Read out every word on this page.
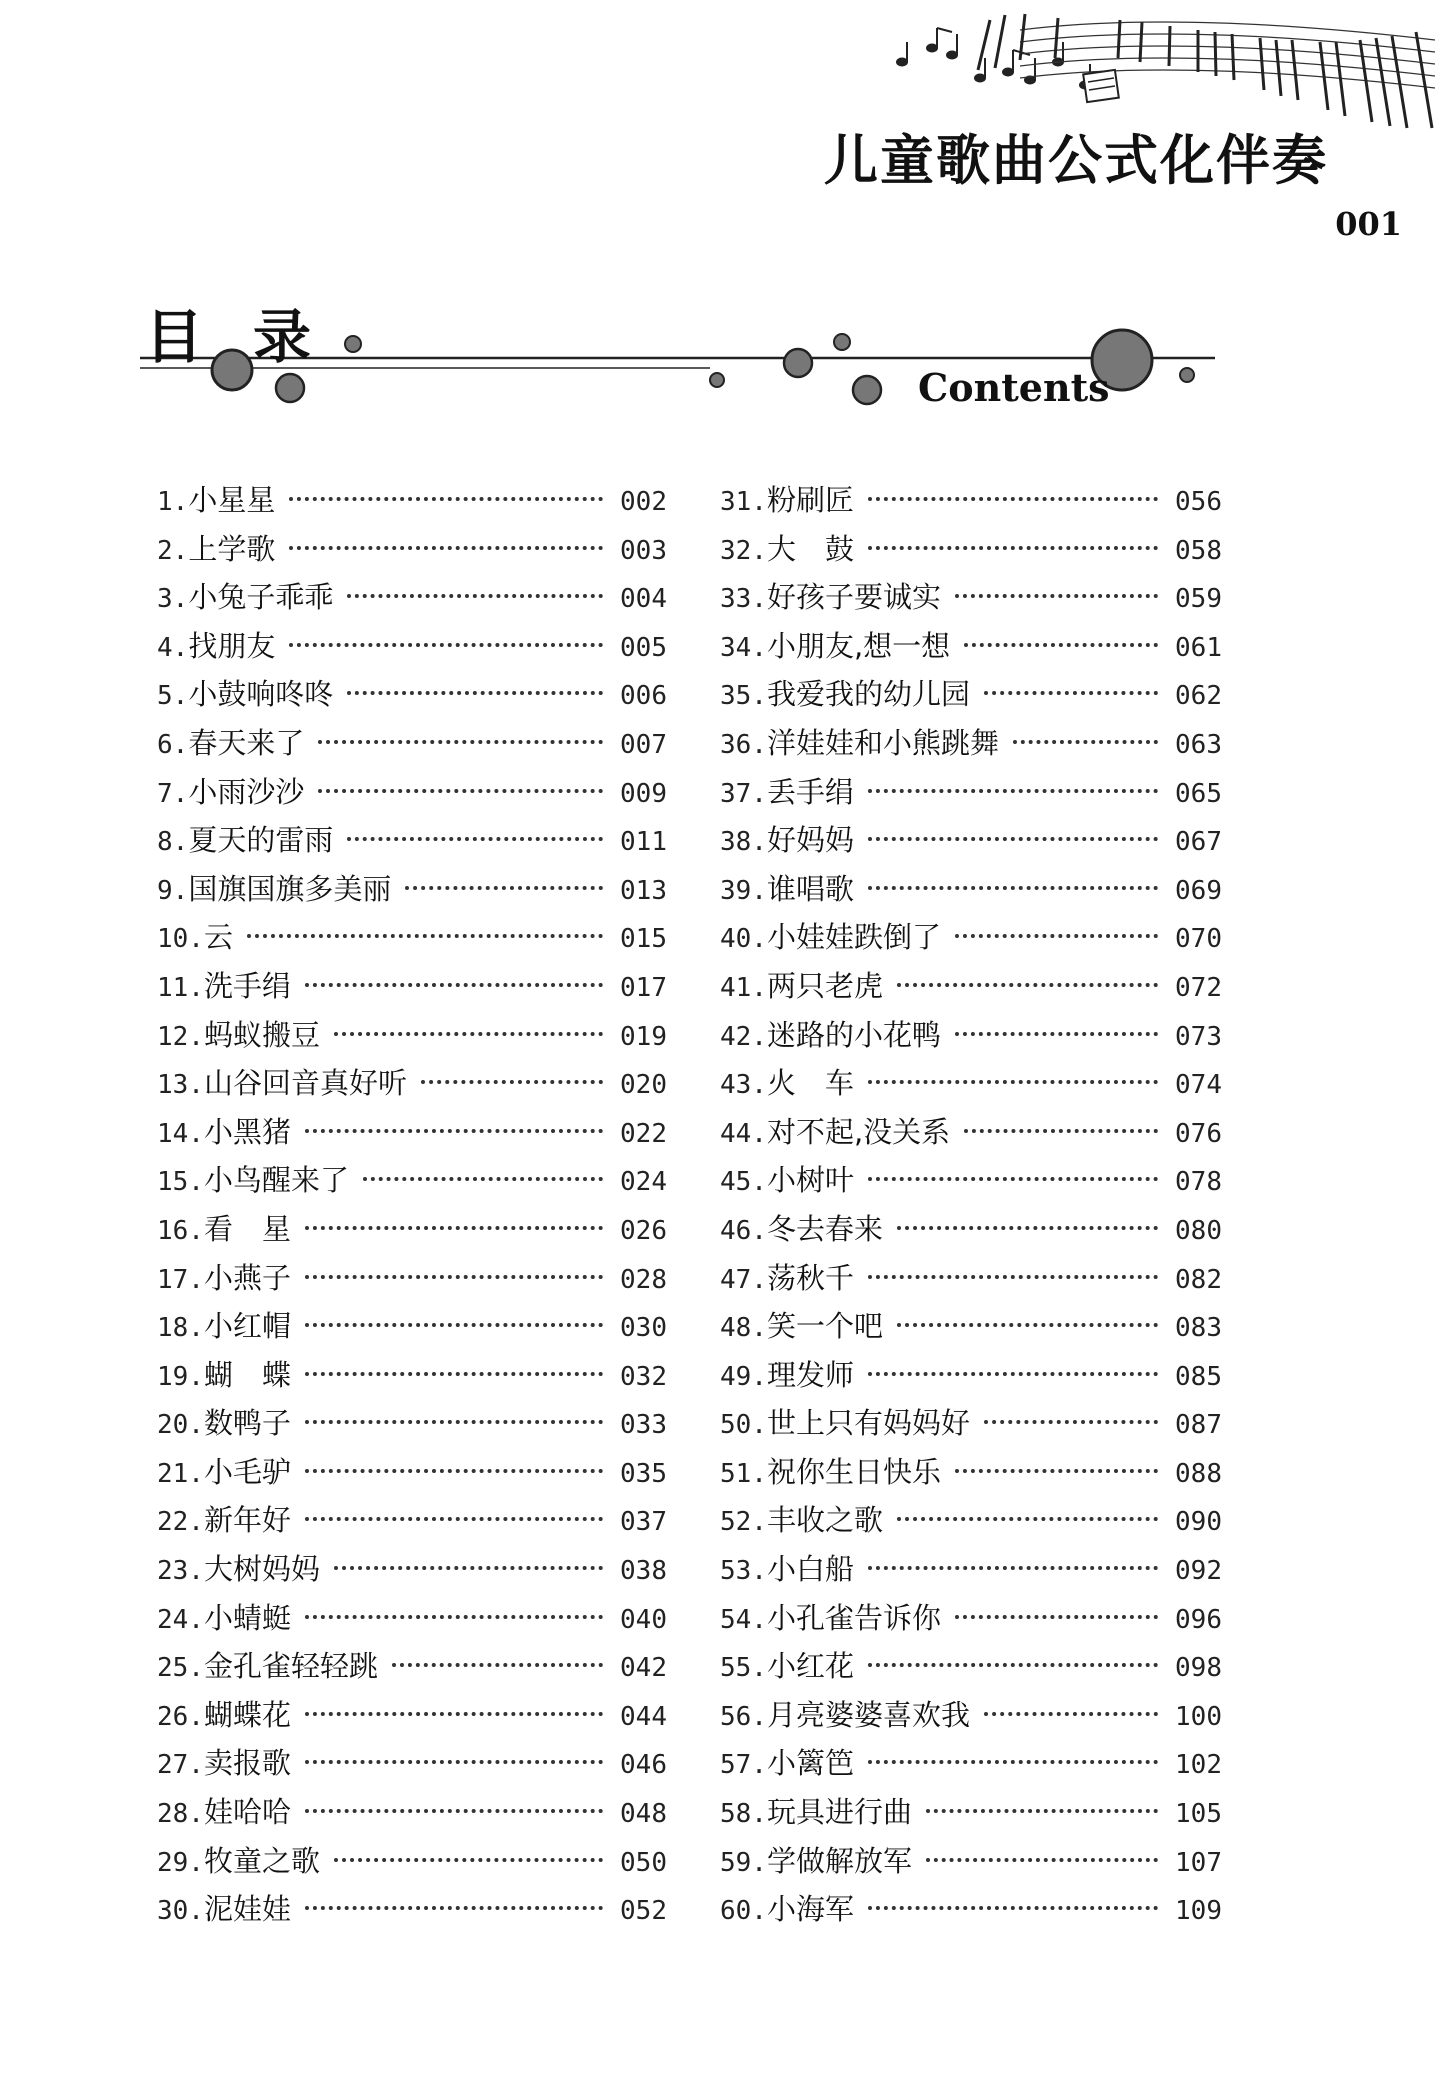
儿童歌曲公式化伴奏
001
目录
Contents
1. 小星星	002
2. 上学歌	003
3. 小兔子乖乖	004
4. 找朋友	005
5. 小鼓响咚咚	006
6. 春天来了	007
7. 小雨沙沙	009
8. 夏天的雷雨	011
9. 国旗国旗多美丽	013
10. 云	015
11. 洗手绢	017
12. 蚂蚁搬豆	019
13. 山谷回音真好听	020
14. 小黑猪	022
15. 小鸟醒来了	024
16. 看　星	026
17. 小燕子	028
18. 小红帽	030
19. 蝴　蝶	032
20. 数鸭子	033
21. 小毛驴	035
22. 新年好	037
23. 大树妈妈	038
24. 小蜻蜓	040
25. 金孔雀轻轻跳	042
26. 蝴蝶花	044
27. 卖报歌	046
28. 娃哈哈	048
29. 牧童之歌	050
30. 泥娃娃	052
31. 粉刷匠	056
32. 大　鼓	058
33. 好孩子要诚实	059
34. 小朋友,想一想	061
35. 我爱我的幼儿园	062
36. 洋娃娃和小熊跳舞	063
37. 丢手绢	065
38. 好妈妈	067
39. 谁唱歌	069
40. 小娃娃跌倒了	070
41. 两只老虎	072
42. 迷路的小花鸭	073
43. 火　车	074
44. 对不起,没关系	076
45. 小树叶	078
46. 冬去春来	080
47. 荡秋千	082
48. 笑一个吧	083
49. 理发师	085
50. 世上只有妈妈好	087
51. 祝你生日快乐	088
52. 丰收之歌	090
53. 小白船	092
54. 小孔雀告诉你	096
55. 小红花	098
56. 月亮婆婆喜欢我	100
57. 小篱笆	102
58. 玩具进行曲	105
59. 学做解放军	107
60. 小海军	109
